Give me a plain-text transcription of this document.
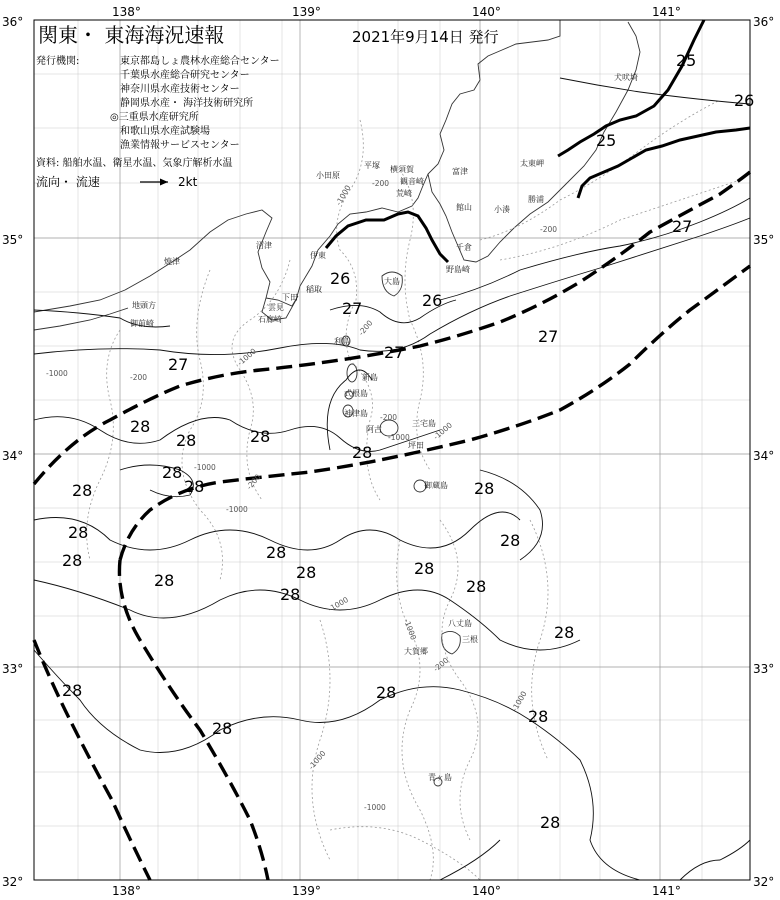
25
25
26
27
26
26
27
27
27
27
28
28	28
28
28
28
28	28
28	28
28	28
28
28
28
28
28
28
28	28
28
28
28
-200
-200
-1000
-200
-200
-1000
-1000
-200
-1000
-200
-1000
-1000
-1000
-1000
-1000
-200
-1000
-1000
-1000
犬吠埼
太東岬
勝浦
小湊
館山
千倉
野島崎
富津
横須賀
観音崎
荒崎
平塚
小田原
伊東
稲取
下田
石廊崎
雲見
沼津
焼津
地頭方
御前崎
大島
利島
新島
式根島
神津島
三宅島
御蔵島
坪田
阿古
八丈島
三根
大賀郷
青ヶ島
138°	139°	140°	141°
138°	139°	140°	141°
36°
35°
34°
33°
32°
36°
35°
34°
33°
32°
関東・ 東海海況速報	2021年9月14日 発行
発行機関:	東京都島しょ農林水産総合センター
千葉県水産総合研究センター
神奈川県水産技術センター
静岡県水産・ 海洋技術研究所
◎三重県水産研究所
和歌山県水産試験場
漁業情報サービスセンター
資料: 船舶水温、衛星水温、気象庁解析水温
流向・ 流速	2kt
